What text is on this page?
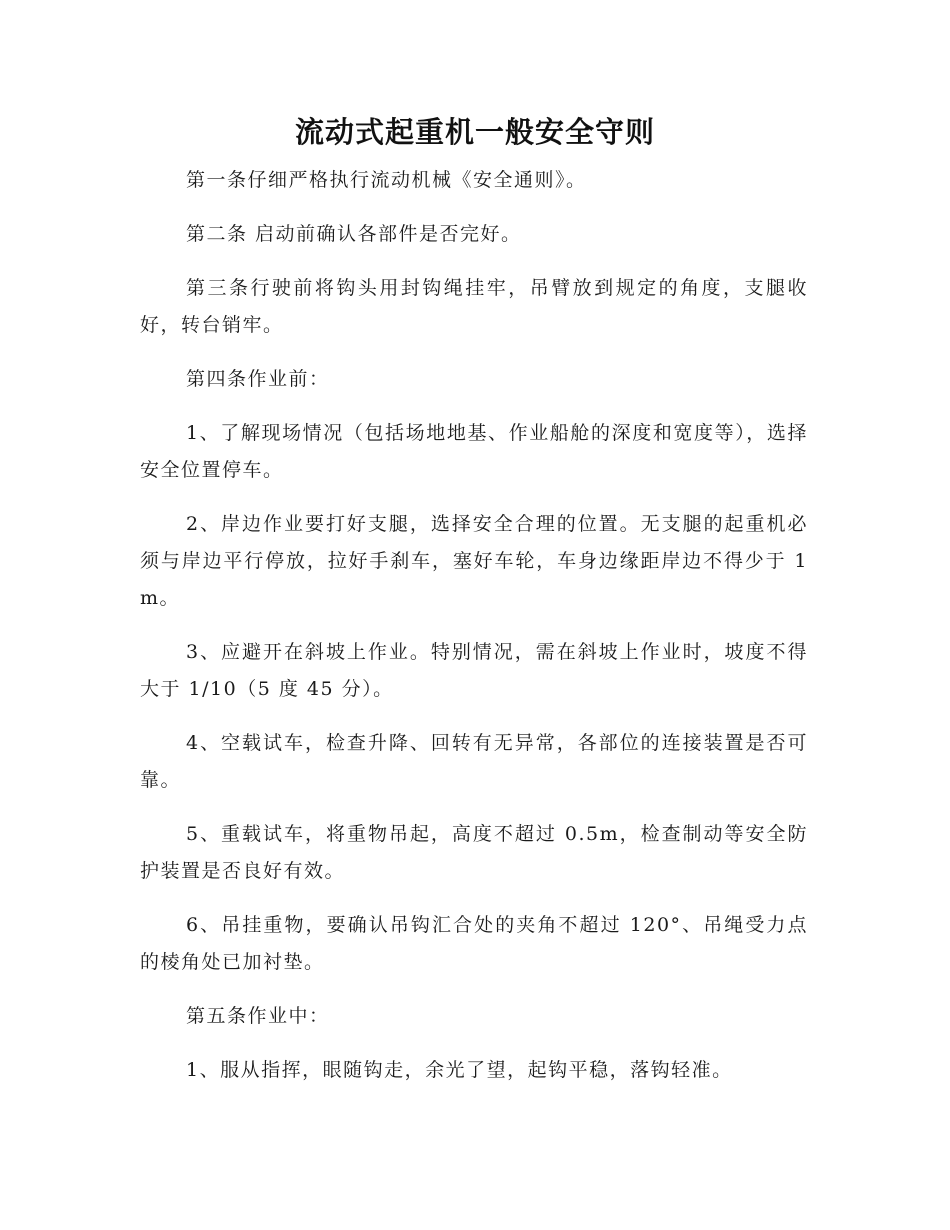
流动式起重机一般安全守则

第一条仔细严格执行流动机械《安全通则》。

第二条 启动前确认各部件是否完好。

第三条行驶前将钩头用封钩绳挂牢，吊臂放到规定的角度，支腿收好，转台销牢。

第四条作业前：

1、了解现场情况（包括场地地基、作业船舱的深度和宽度等），选择安全位置停车。

2、岸边作业要打好支腿，选择安全合理的位置。无支腿的起重机必须与岸边平行停放，拉好手刹车，塞好车轮，车身边缘距岸边不得少于 1 m。

3、应避开在斜坡上作业。特别情况，需在斜坡上作业时，坡度不得大于 1/10（5 度 45 分）。

4、空载试车，检查升降、回转有无异常，各部位的连接装置是否可靠。

5、重载试车，将重物吊起，高度不超过 0.5m，检查制动等安全防护装置是否良好有效。

6、吊挂重物，要确认吊钩汇合处的夹角不超过 120°、吊绳受力点的棱角处已加衬垫。

第五条作业中：

1、服从指挥，眼随钩走，余光了望，起钩平稳，落钩轻准。
